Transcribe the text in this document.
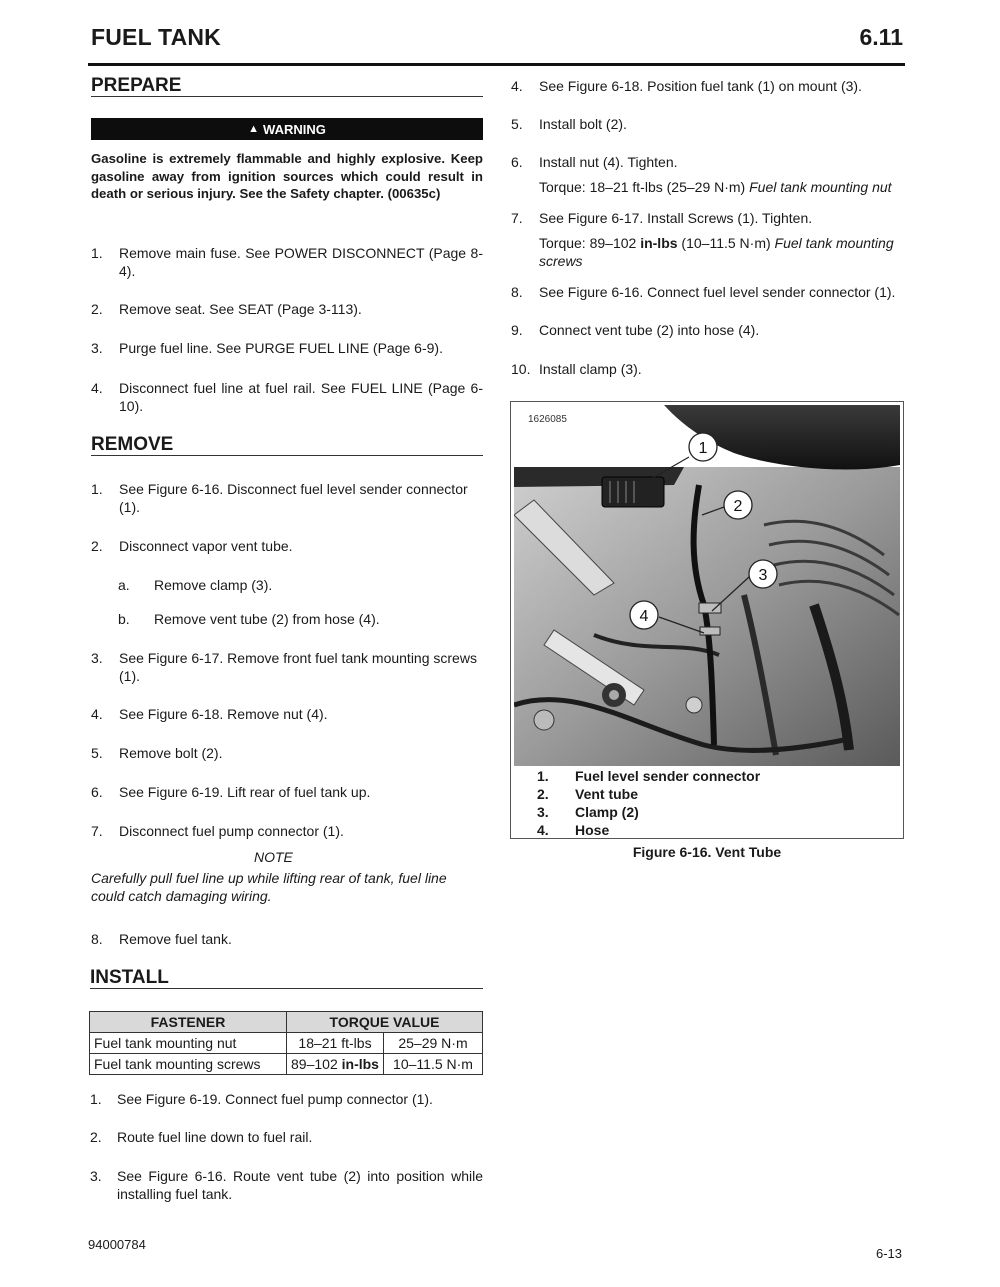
FUEL TANK	6.11
PREPARE
▲ WARNING
Gasoline is extremely flammable and highly explosive. Keep gasoline away from ignition sources which could result in death or serious injury. See the Safety chapter. (00635c)
1. Remove main fuse. See POWER DISCONNECT (Page 8-4).
2. Remove seat. See SEAT (Page 3-113).
3. Purge fuel line. See PURGE FUEL LINE (Page 6-9).
4. Disconnect fuel line at fuel rail. See FUEL LINE (Page 6-10).
REMOVE
1. See Figure 6-16. Disconnect fuel level sender connector (1).
2. Disconnect vapor vent tube.
a. Remove clamp (3).
b. Remove vent tube (2) from hose (4).
3. See Figure 6-17. Remove front fuel tank mounting screws (1).
4. See Figure 6-18. Remove nut (4).
5. Remove bolt (2).
6. See Figure 6-19. Lift rear of fuel tank up.
7. Disconnect fuel pump connector (1).
NOTE
Carefully pull fuel line up while lifting rear of tank, fuel line could catch damaging wiring.
8. Remove fuel tank.
INSTALL
FASTENER	TORQUE VALUE	
Fuel tank mounting nut	18–21 ft-lbs	25–29 N·m
Fuel tank mounting screws	89–102 in-lbs	10–11.5 N·m
1. See Figure 6-19. Connect fuel pump connector (1).
2. Route fuel line down to fuel rail.
3. See Figure 6-16. Route vent tube (2) into position while installing fuel tank.
4. See Figure 6-18. Position fuel tank (1) on mount (3).
5. Install bolt (2).
6. Install nut (4). Tighten.
Torque: 18–21 ft-lbs (25–29 N·m) Fuel tank mounting nut
7. See Figure 6-17. Install Screws (1). Tighten.
Torque: 89–102 in-lbs (10–11.5 N·m) Fuel tank mounting screws
8. See Figure 6-16. Connect fuel level sender connector (1).
9. Connect vent tube (2) into hose (4).
10. Install clamp (3).
1
2
3
4
1626085
1. Fuel level sender connector
2. Vent tube
3. Clamp (2)
4. Hose
Figure 6-16. Vent Tube
94000784
6-13
